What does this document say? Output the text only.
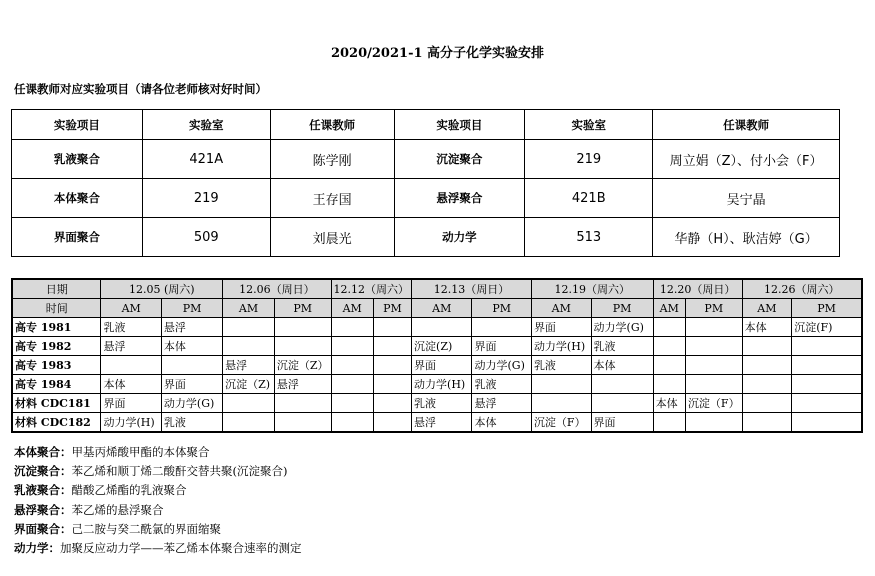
2020/2021-1 高分子化学实验安排
任课教师对应实验项目（请各位老师核对好时间）
实验项目	实验室	任课教师	实验项目	实验室	任课教师
乳液聚合	421A	陈学刚	沉淀聚合	219	周立娟（Z）、付小会（F）
本体聚合	219	王存国	悬浮聚合	421B	吴宁晶
界面聚合	509	刘晨光	动力学	513	华静（H）、耿洁婷（G）
日期	12.05 (周六)		12.06（周日）		12.12（周六）		12.13（周日）		12.19（周六）		12.20（周日）		12.26（周六）	
时间	AM	PM	AM	PM	AM	PM	AM	PM	AM	PM	AM	PM	AM	PM
高专 1981	乳液	悬浮							界面	动力学(G)			本体	沉淀(F)
高专 1982	悬浮	本体					沉淀(Z)	界面	动力学(H)	乳液				
高专 1983			悬浮	沉淀（Z）			界面	动力学(G)	乳液	本体				
高专 1984	本体	界面	沉淀（Z)	悬浮			动力学(H)	乳液						
材料 CDC181	界面	动力学(G)					乳液	悬浮			本体	沉淀（F）		
材料 CDC182	动力学(H)	乳液					悬浮	本体	沉淀（F）	界面				
本体聚合：甲基丙烯酸甲酯的本体聚合
沉淀聚合：苯乙烯和顺丁烯二酸酐交替共聚(沉淀聚合)
乳液聚合：醋酸乙烯酯的乳液聚合
悬浮聚合：苯乙烯的悬浮聚合
界面聚合：己二胺与癸二酰氯的界面缩聚
动力学：加聚反应动力学——苯乙烯本体聚合速率的测定
